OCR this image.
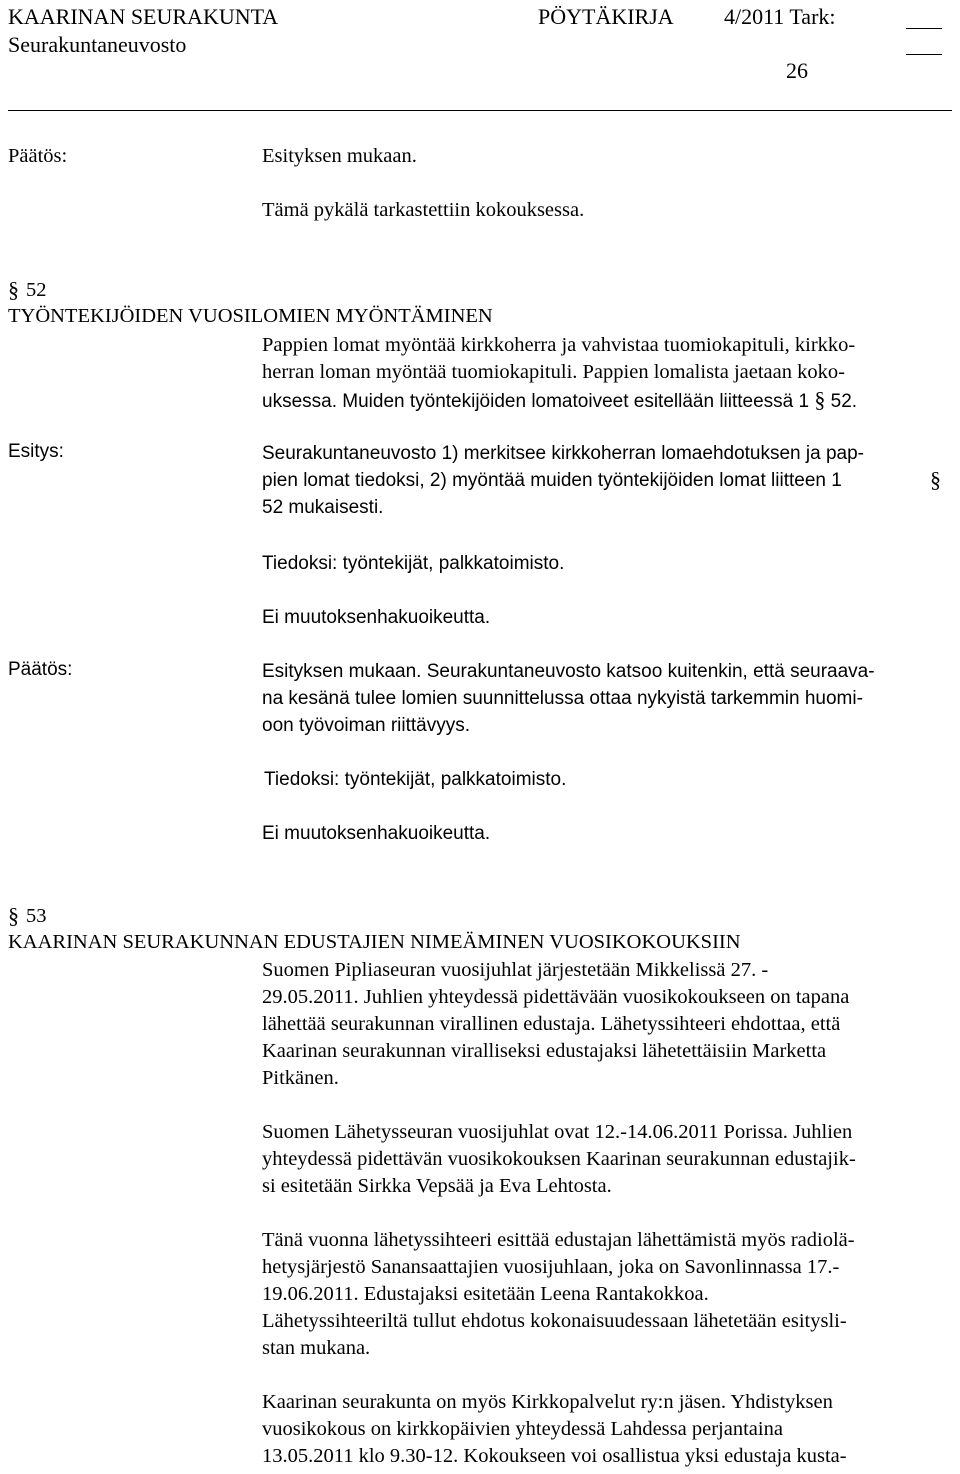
KAARINAN SEURAKUNTA
Seurakuntaneuvosto
PÖYTÄKIRJA 4/2011 Tark:
26
Päätös:	Esityksen mukaan.
Tämä pykälä tarkastettiin kokouksessa.
§ 52
TYÖNTEKIJÖIDEN VUOSILOMIEN MYÖNTÄMINEN
Pappien lomat myöntää kirkkoherra ja vahvistaa tuomiokapituli, kirkko-
herran loman myöntää tuomiokapituli. Pappien lomalista jaetaan koko-
uksessa. Muiden työntekijöiden lomatoiveet esitellään liitteessä 1 § 52.
Esitys:	Seurakuntaneuvosto 1) merkitsee kirkkoherran lomaehdotuksen ja pap-
pien lomat tiedoksi, 2) myöntää muiden työntekijöiden lomat liitteen 1
52 mukaisesti.
§
Tiedoksi: työntekijät, palkkatoimisto.
Ei muutoksenhakuoikeutta.
Päätös:	Esityksen mukaan. Seurakuntaneuvosto katsoo kuitenkin, että seuraava-
na kesänä tulee lomien suunnittelussa ottaa nykyistä tarkemmin huomi-
oon työvoiman riittävyys.
Tiedoksi: työntekijät, palkkatoimisto.
Ei muutoksenhakuoikeutta.
§ 53
KAARINAN SEURAKUNNAN EDUSTAJIEN NIMEÄMINEN VUOSIKOKOUKSIIN
Suomen Pipliaseuran vuosijuhlat järjestetään Mikkelissä 27. -
29.05.2011. Juhlien yhteydessä pidettävään vuosikokoukseen on tapana
lähettää seurakunnan virallinen edustaja. Lähetyssihteeri ehdottaa, että
Kaarinan seurakunnan viralliseksi edustajaksi lähetettäisiin Marketta
Pitkänen.
Suomen Lähetysseuran vuosijuhlat ovat 12.-14.06.2011 Porissa. Juhlien
yhteydessä pidettävän vuosikokouksen Kaarinan seurakunnan edustajik-
si esitetään Sirkka Vepsää ja Eva Lehtosta.
Tänä vuonna lähetyssihteeri esittää edustajan lähettämistä myös radiolä-
hetysjärjestö Sanansaattajien vuosijuhlaan, joka on Savonlinnassa 17.-
19.06.2011. Edustajaksi esitetään Leena Rantakokkoa.
Lähetyssihteeriltä tullut ehdotus kokonaisuudessaan lähetetään esitysli-
stan mukana.
Kaarinan seurakunta on myös Kirkkopalvelut ry:n jäsen. Yhdistyksen
vuosikokous on kirkkopäivien yhteydessä Lahdessa perjantaina
13.05.2011 klo 9.30-12. Kokoukseen voi osallistua yksi edustaja kusta-
